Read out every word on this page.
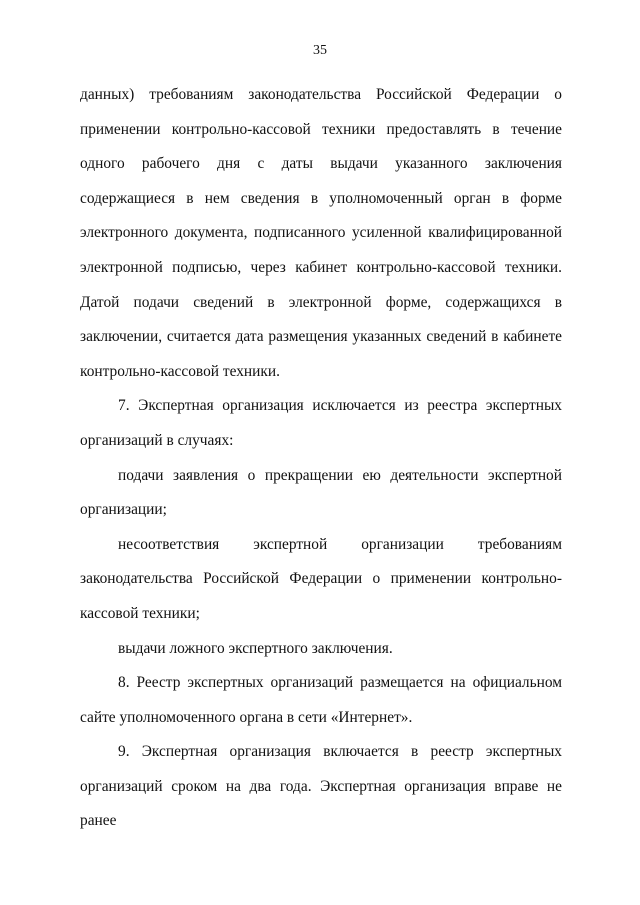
35

данных) требованиям законодательства Российской Федерации о применении контрольно-кассовой техники предоставлять в течение одного рабочего дня с даты выдачи указанного заключения содержащиеся в нем сведения в уполномоченный орган в форме электронного документа, подписанного усиленной квалифицированной электронной подписью, через кабинет контрольно-кассовой техники. Датой подачи сведений в электронной форме, содержащихся в заключении, считается дата размещения указанных сведений в кабинете контрольно-кассовой техники.

7. Экспертная организация исключается из реестра экспертных организаций в случаях:

подачи заявления о прекращении ею деятельности экспертной организации;

несоответствия экспертной организации требованиям законодательства Российской Федерации о применении контрольно-кассовой техники;

выдачи ложного экспертного заключения.

8. Реестр экспертных организаций размещается на официальном сайте уполномоченного органа в сети «Интернет».

9. Экспертная организация включается в реестр экспертных организаций сроком на два года. Экспертная организация вправе не ранее
